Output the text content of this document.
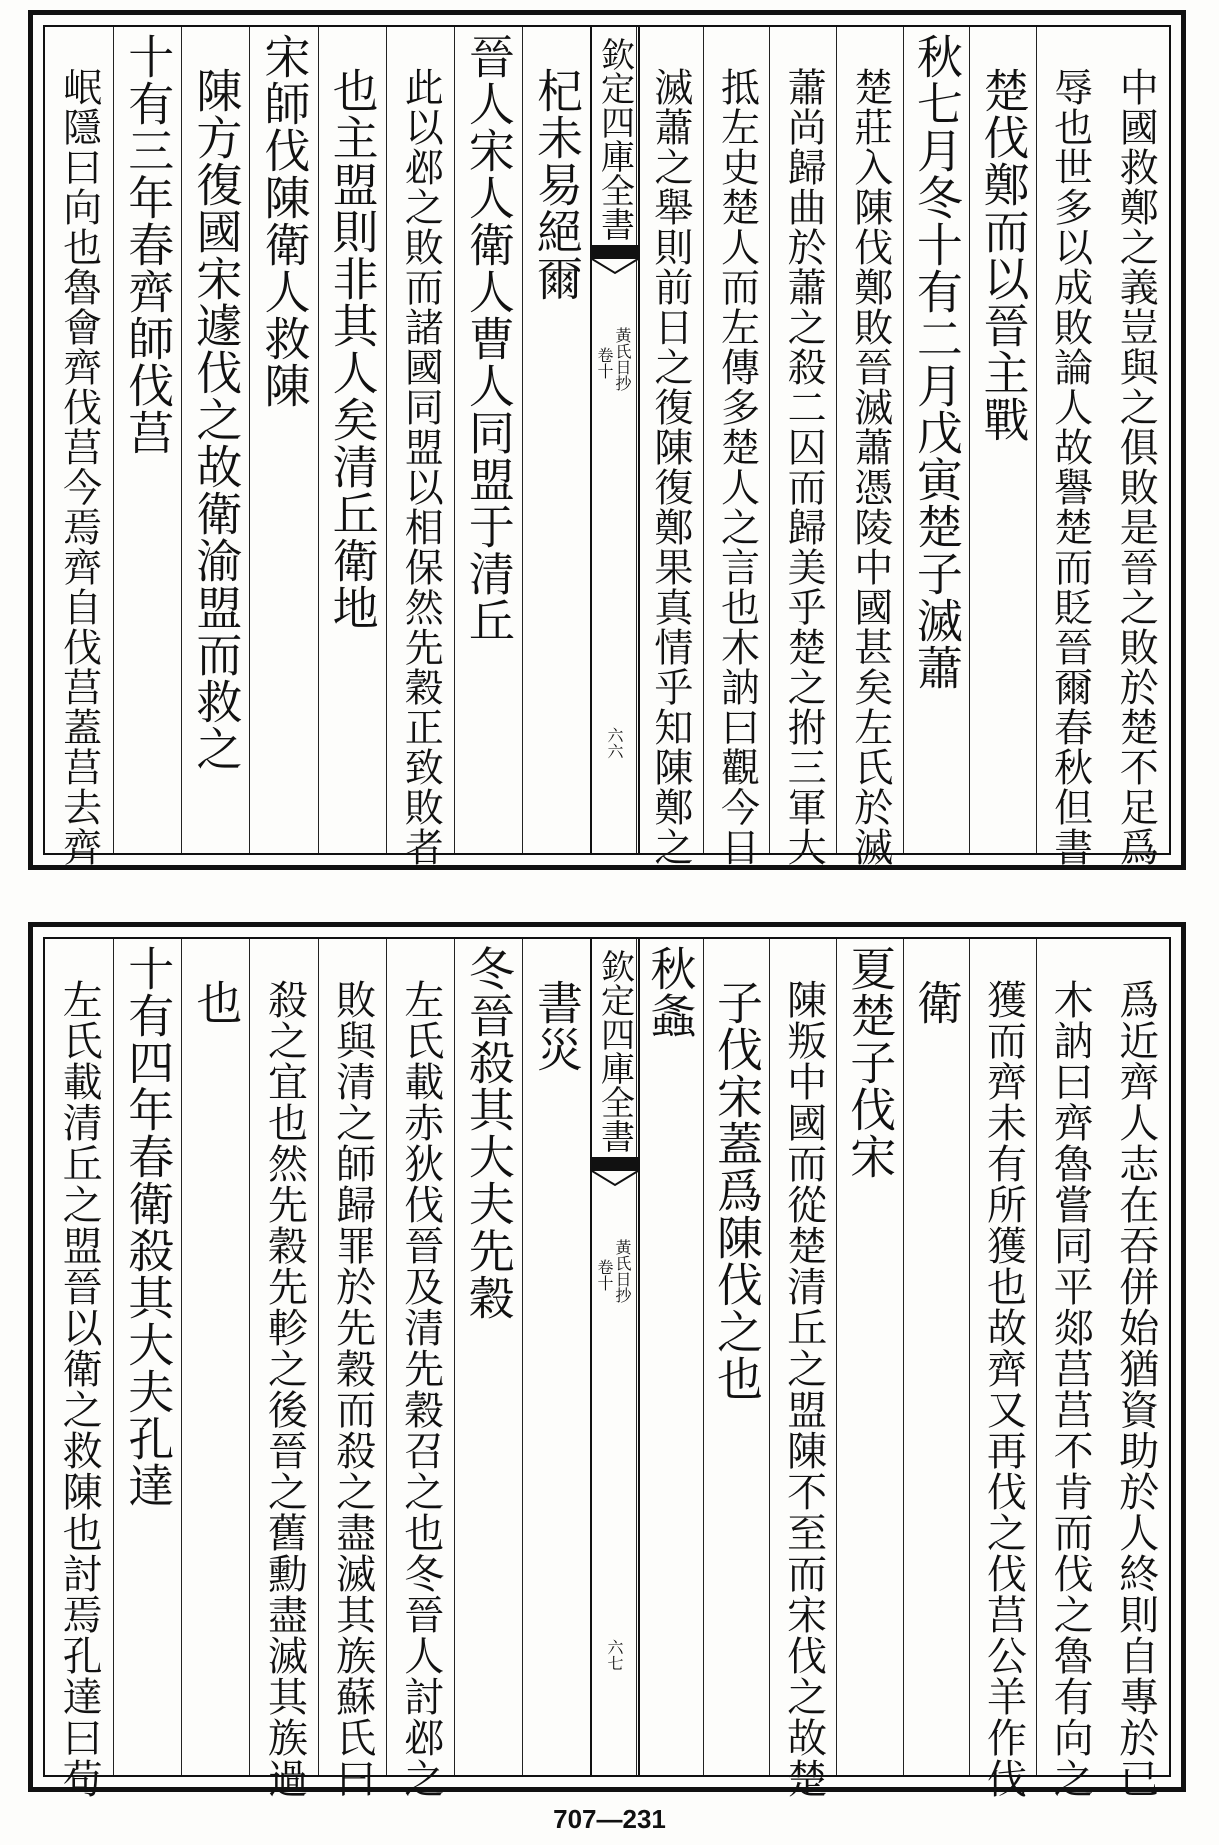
中國救鄭之義豈與之俱敗是晉之敗於楚不足爲
辱也世多以成敗論人故譽楚而貶晉爾春秋但書
楚伐鄭而以晉主戰
秋七月冬十有二月戊寅楚子滅蕭
楚莊入陳伐鄭敗晉滅蕭憑陵中國甚矣左氏於滅
蕭尚歸曲於蕭之殺二囚而歸美乎楚之拊三軍大
抵左史楚人而左傳多楚人之言也木訥曰觀今日
滅蕭之舉則前日之復陳復鄭果真情乎知陳鄭之
欽定四庫全書
黃氏日抄
卷十
六六
杞未易絕爾
晉人宋人衛人曹人同盟于清丘
此以邲之敗而諸國同盟以相保然先穀正致敗者
也主盟則非其人矣清丘衛地
宋師伐陳衛人救陳
陳方復國宋遽伐之故衛渝盟而救之
十有三年春齊師伐莒
岷隱曰向也魯會齊伐莒今焉齊自伐莒蓋莒去齊
爲近齊人志在吞併始猶資助於人終則自專於已
木訥曰齊魯嘗同平郯莒莒不肯而伐之魯有向之
獲而齊未有所獲也故齊又再伐之伐莒公羊作伐
衛
夏楚子伐宋
陳叛中國而從楚清丘之盟陳不至而宋伐之故楚
子伐宋蓋爲陳伐之也
秋螽
欽定四庫全書
黃氏日抄
卷十
六七
書災
冬晉殺其大夫先穀
左氏載赤狄伐晉及清先穀召之也冬晉人討邲之
敗與清之師歸罪於先穀而殺之盡滅其族蘇氏曰
殺之宜也然先穀先軫之後晉之舊勳盡滅其族過
也
十有四年春衛殺其大夫孔達
左氏載清丘之盟晉以衛之救陳也討焉孔達曰苟
707—231
